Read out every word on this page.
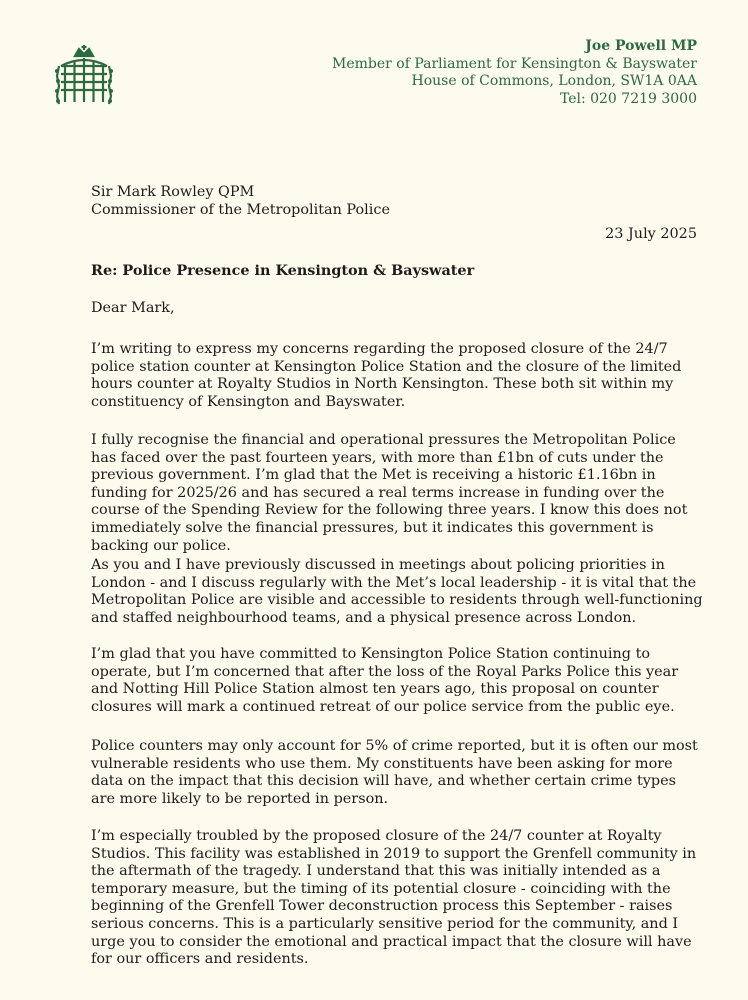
Joe Powell MP
Member of Parliament for Kensington & Bayswater
House of Commons, London, SW1A 0AA
Tel: 020 7219 3000
Sir Mark Rowley QPM
Commissioner of the Metropolitan Police
23 July 2025
Re: Police Presence in Kensington & Bayswater
Dear Mark,

I’m writing to express my concerns regarding the proposed closure of the 24/7 police station counter at Kensington Police Station and the closure of the limited hours counter at Royalty Studios in North Kensington. These both sit within my constituency of Kensington and Bayswater.

I fully recognise the financial and operational pressures the Metropolitan Police has faced over the past fourteen years, with more than £1bn of cuts under the previous government. I’m glad that the Met is receiving a historic £1.16bn in funding for 2025/26 and has secured a real terms increase in funding over the course of the Spending Review for the following three years. I know this does not immediately solve the financial pressures, but it indicates this government is backing our police.

As you and I have previously discussed in meetings about policing priorities in London - and I discuss regularly with the Met’s local leadership - it is vital that the Metropolitan Police are visible and accessible to residents through well-functioning and staffed neighbourhood teams, and a physical presence across London.

I’m glad that you have committed to Kensington Police Station continuing to operate, but I’m concerned that after the loss of the Royal Parks Police this year and Notting Hill Police Station almost ten years ago, this proposal on counter closures will mark a continued retreat of our police service from the public eye.

Police counters may only account for 5% of crime reported, but it is often our most vulnerable residents who use them. My constituents have been asking for more data on the impact that this decision will have, and whether certain crime types are more likely to be reported in person.

I’m especially troubled by the proposed closure of the 24/7 counter at Royalty Studios. This facility was established in 2019 to support the Grenfell community in the aftermath of the tragedy. I understand that this was initially intended as a temporary measure, but the timing of its potential closure - coinciding with the beginning of the Grenfell Tower deconstruction process this September - raises serious concerns. This is a particularly sensitive period for the community, and I urge you to consider the emotional and practical impact that the closure will have for our officers and residents.
